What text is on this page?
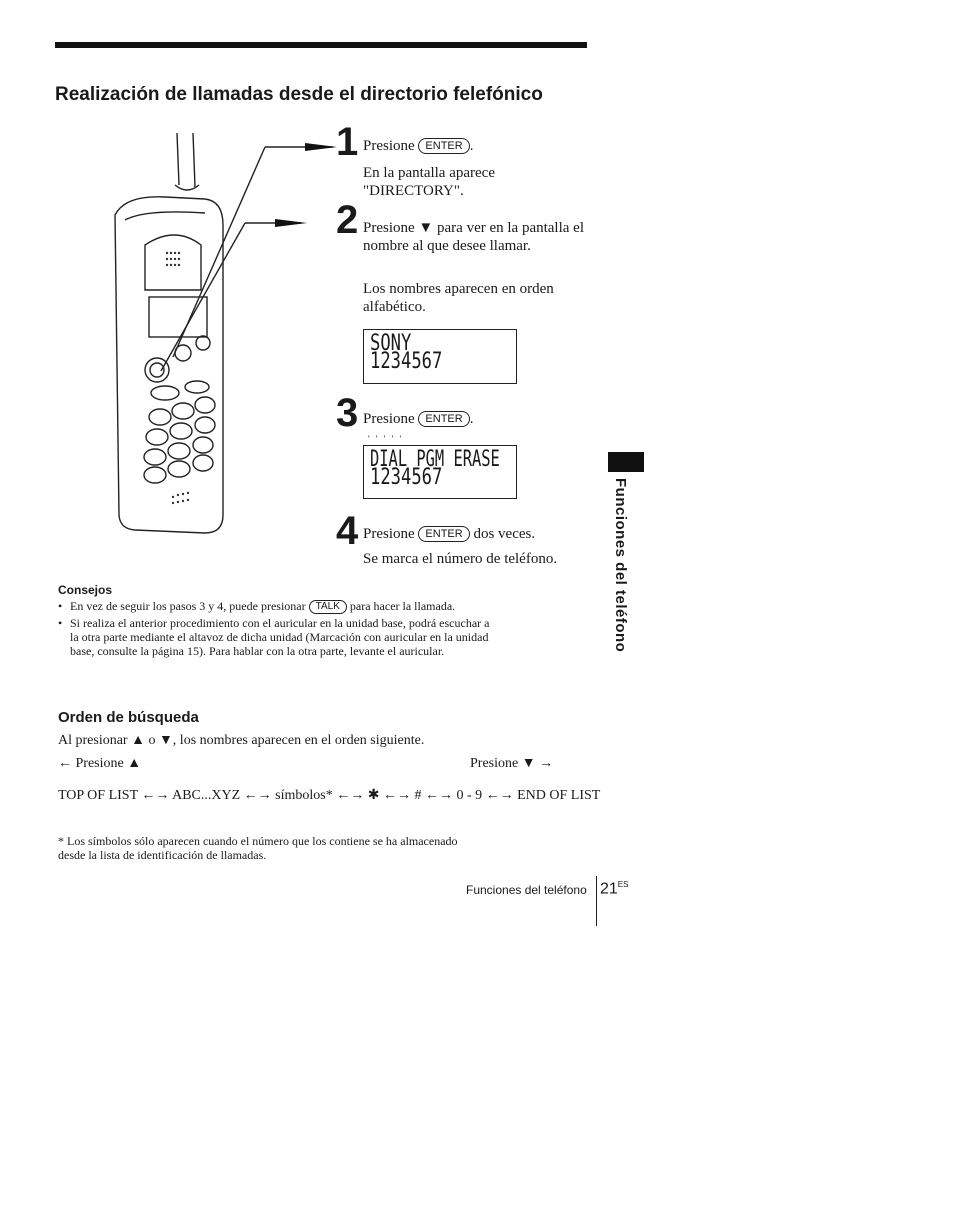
Realización de llamadas desde el directorio felefónico
1 Presione ENTER .
En la pantalla aparece "DIRECTORY".
2 Presione ▼ para ver en la pantalla el nombre al que desee llamar.
Los nombres aparecen en orden alfabético.
SONY
1234567
3 Presione ENTER .
' ' ' ' '
DIAL PGM ERASE
1234567
4 Presione ENTER dos veces.
Se marca el número de teléfono.
Consejos
• En vez de seguir los pasos 3 y 4, puede presionar TALK para hacer la llamada.
• Si realiza el anterior procedimiento con el auricular en la unidad base, podrá escuchar a la otra parte mediante el altavoz de dicha unidad (Marcación con auricular en la unidad base, consulte la página 15). Para hablar con la otra parte, levante el auricular.
Orden de búsqueda
Al presionar ▲ o ▼, los nombres aparecen en el orden siguiente.
← Presione ▲	Presione ▼ →
TOP OF LIST ←→ ABC...XYZ ←→ símbolos* ←→ ✱ ←→ # ←→ 0 - 9 ←→ END OF LIST
* Los símbolos sólo aparecen cuando el número que los contiene se ha almacenado desde la lista de identificación de llamadas.
Funciones del teléfono
Funciones del teléfono $21^{ES}$
